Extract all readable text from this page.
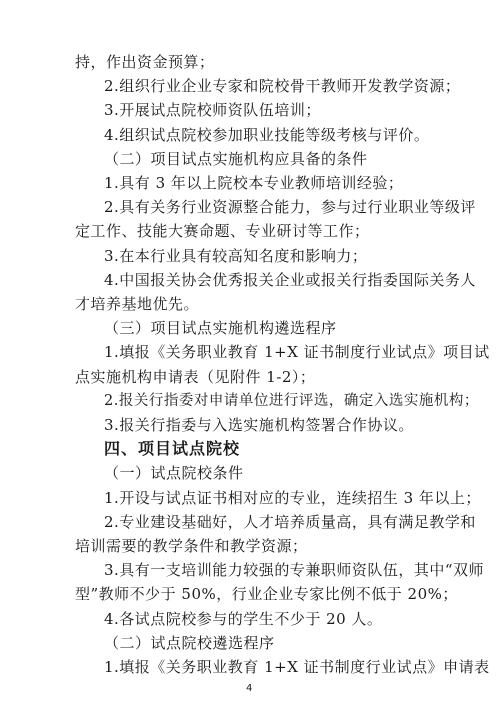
持，作出资金预算；
2.组织行业企业专家和院校骨干教师开发教学资源；
3.开展试点院校师资队伍培训；
4.组织试点院校参加职业技能等级考核与评价。
（二）项目试点实施机构应具备的条件
1.具有 3 年以上院校本专业教师培训经验；
2.具有关务行业资源整合能力，参与过行业职业等级评
定工作、技能大赛命题、专业研讨等工作；
3.在本行业具有较高知名度和影响力；
4.中国报关协会优秀报关企业或报关行指委国际关务人
才培养基地优先。
（三）项目试点实施机构遴选程序
1.填报《关务职业教育 1+X 证书制度行业试点》项目试
点实施机构申请表（见附件 1-2）；
2.报关行指委对申请单位进行评选，确定入选实施机构；
3.报关行指委与入选实施机构签署合作协议。
四、项目试点院校
（一）试点院校条件
1.开设与试点证书相对应的专业，连续招生 3 年以上；
2.专业建设基础好，人才培养质量高，具有满足教学和
培训需要的教学条件和教学资源；
3.具有一支培训能力较强的专兼职师资队伍，其中“双师
型”教师不少于 50%，行业企业专家比例不低于 20%；
4.各试点院校参与的学生不少于 20 人。
（二）试点院校遴选程序
1.填报《关务职业教育 1+X 证书制度行业试点》申请表
4
